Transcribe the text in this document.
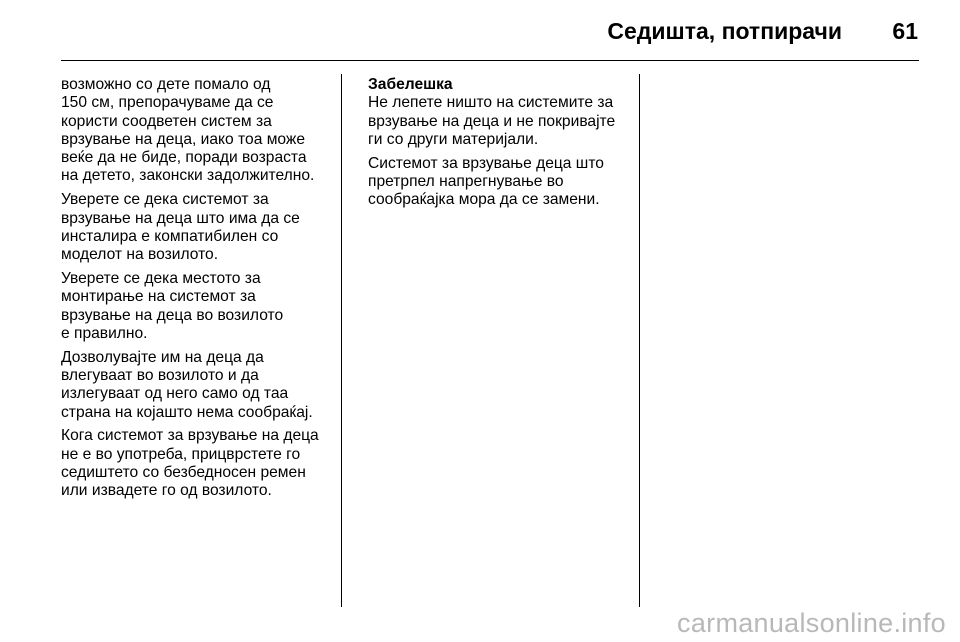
Седишта, потпирачи 61

возможно со дете помало од
150 см, препорачуваме да се
користи соодветен систем за
врзување на деца, иако тоа може
веќе да не биде, поради возраста
на детето, законски задолжително.

Уверете се дека системот за
врзување на деца што има да се
инсталира е компатибилен со
моделот на возилото.

Уверете се дека местото за
монтирање на системот за
врзување на деца во возилото
е правилно.

Дозволувајте им на деца да
влегуваат во возилото и да
излегуваат од него само од таа
страна на којашто нема сообраќај.

Кога системот за врзување на деца
не е во употреба, прицврстете го
седиштето со безбедносен ремен
или извадете го од возилото.

Забелешка

Не лепете ништо на системите за
врзување на деца и не покривајте
ги со други материјали.

Системот за врзување деца што
претрпел напрегнување во
сообраќајка мора да се замени.

carmanualsonline.info
